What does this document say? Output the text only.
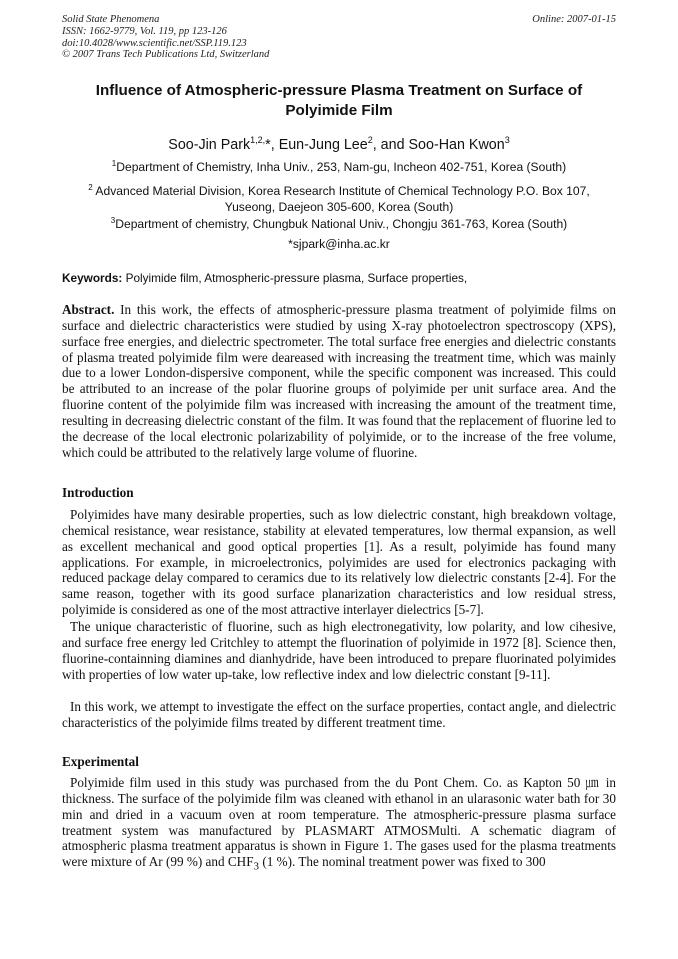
Solid State Phenomena
ISSN: 1662-9779, Vol. 119, pp 123-126
doi:10.4028/www.scientific.net/SSP.119.123
© 2007 Trans Tech Publications Ltd, Switzerland
Online: 2007-01-15
Influence of Atmospheric-pressure Plasma Treatment on Surface of Polyimide Film
Soo-Jin Park$^{1,2,}$*, Eun-Jung Lee$^2$, and Soo-Han Kwon$^3$
$^1$Department of Chemistry, Inha Univ., 253, Nam-gu, Incheon 402-751, Korea (South)
$^2$ Advanced Material Division, Korea Research Institute of Chemical Technology P.O. Box 107, Yuseong, Daejeon 305-600, Korea (South)
$^3$Department of chemistry, Chungbuk National Univ., Chongju 361-763, Korea (South)
*sjpark@inha.ac.kr
Keywords: Polyimide film, Atmospheric-pressure plasma, Surface properties,

Abstract. In this work, the effects of atmospheric-pressure plasma treatment of polyimide films on surface and dielectric characteristics were studied by using X-ray photoelectron spectroscopy (XPS), surface free energies, and dielectric spectrometer. The total surface free energies and dielectric constants of plasma treated polyimide film were deareased with increasing the treatment time, which was mainly due to a lower London-dispersive component, while the specific component was increased. This could be attributed to an increase of the polar fluorine groups of polyimide per unit surface area. And the fluorine content of the polyimide film was increased with increasing the amount of the treatment time, resulting in decreasing dielectric constant of the film. It was found that the replacement of fluorine led to the decrease of the local electronic polarizability of polyimide, or to the increase of the free volume, which could be attributed to the relatively large volume of fluorine.

Introduction

Polyimides have many desirable properties, such as low dielectric constant, high breakdown voltage, chemical resistance, wear resistance, stability at elevated temperatures, low thermal expansion, as well as excellent mechanical and good optical properties [1]. As a result, polyimide has found many applications. For example, in microelectronics, polyimides are used for electronics packaging with reduced package delay compared to ceramics due to its relatively low dielectric constants [2-4]. For the same reason, together with its good surface planarization characteristics and low residual stress, polyimide is considered as one of the most attractive interlayer dielectrics [5-7].

The unique characteristic of fluorine, such as high electronegativity, low polarity, and low cihesive, and surface free energy led Critchley to attempt the fluorination of polyimide in 1972 [8]. Science then, fluorine-containning diamines and dianhydride, have been introduced to prepare fluorinated polyimides with properties of low water up-take, low reflective index and low dielectric constant [9-11].

In this work, we attempt to investigate the effect on the surface properties, contact angle, and dielectric characteristics of the polyimide films treated by different treatment time.

Experimental

Polyimide film used in this study was purchased from the du Pont Chem. Co. as Kapton 50 ㎛ in thickness. The surface of the polyimide film was cleaned with ethanol in an ularasonic water bath for 30 min and dried in a vacuum oven at room temperature. The atmospheric-pressure plasma surface treatment system was manufactured by PLASMART ATMOSMulti. A schematic diagram of atmospheric plasma treatment apparatus is shown in Figure 1. The gases used for the plasma treatments were mixture of Ar (99 %) and $CHF_3$ (1 %). The nominal treatment power was fixed to 300
